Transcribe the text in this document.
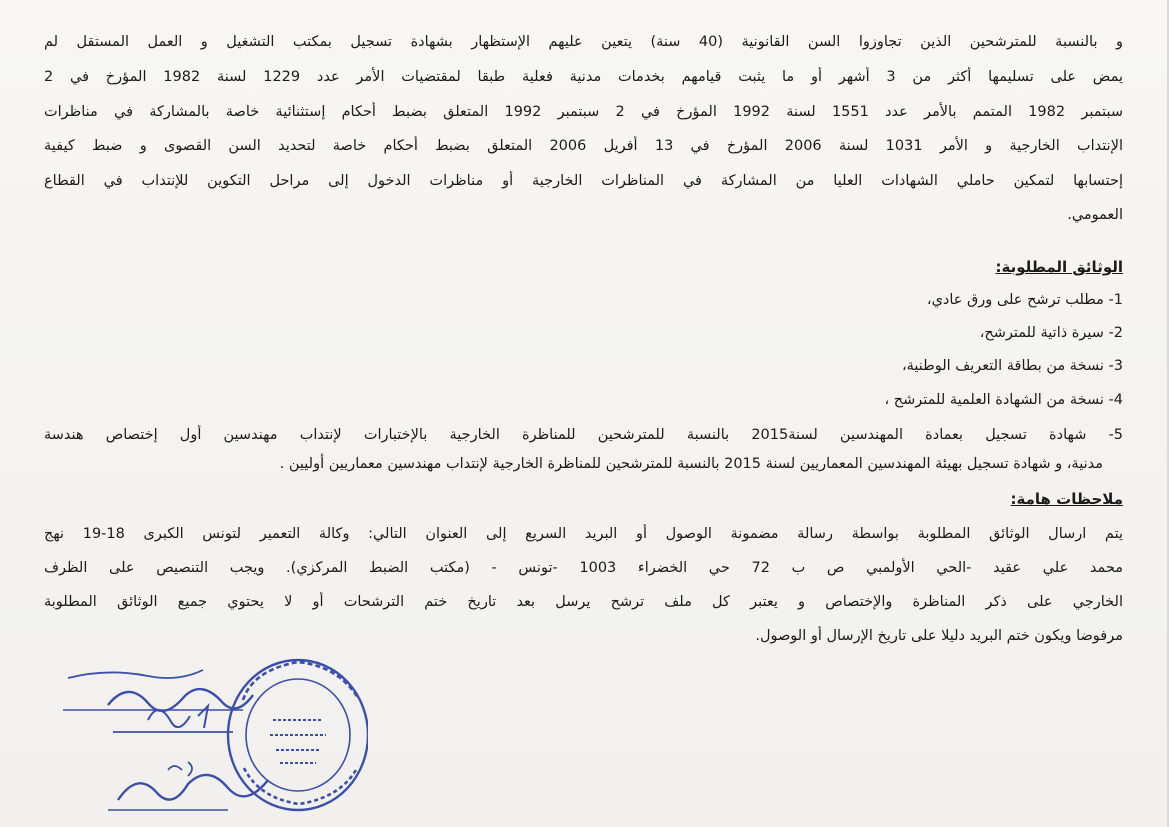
و بالنسبة للمترشحين الذين تجاوزوا السن القانونية (40 سنة) يتعين عليهم الإستظهار بشهادة تسجيل بمكتب التشغيل و العمل المستقل لم
يمض على تسليمها أكثر من 3 أشهر أو ما يثبت قيامهم بخدمات مدنية فعلية طبقا لمقتضيات الأمر عدد 1229 لسنة 1982 المؤرخ في 2
سبتمبر 1982 المتمم بالأمر عدد 1551 لسنة 1992 المؤرخ في 2 سبتمبر 1992 المتعلق بضبط أحكام إستثنائية خاصة بالمشاركة في مناظرات
الإنتداب الخارجية و الأمر 1031 لسنة 2006 المؤرخ في 13 أفريل 2006 المتعلق بضبط أحكام خاصة لتحديد السن القصوى و ضبط كيفية
إحتسابها لتمكين حاملي الشهادات العليا من المشاركة في المناظرات الخارجية أو مناظرات الدخول إلى مراحل التكوين للإنتداب في القطاع
العمومي.
الوثائق المطلوبة:
1- مطلب ترشح على ورق عادي،
2- سيرة ذاتية للمترشح،
3- نسخة من بطاقة التعريف الوطنية،
4- نسخة من الشهادة العلمية للمترشح ،
5- شهادة تسجيل بعمادة المهندسين لسنة2015 بالنسبة للمترشحين للمناظرة الخارجية بالإختبارات لإنتداب مهندسين أول إختصاص هندسة
مدنية، و شهادة تسجيل بهيئة المهندسين المعماريين لسنة 2015 بالنسبة للمترشحين للمناظرة الخارجية لإنتداب مهندسين معماريين أوليين .
ملاحظات هامة:
يتم ارسال الوثائق المطلوبة بواسطة رسالة مضمونة الوصول أو البريد السريع إلى العنوان التالي: وكالة التعمير لتونس الكبرى 18-19 نهج
محمد علي عقيد -الحي الأولمبي ص ب 72 حي الخضراء 1003 -تونس - (مكتب الضبط المركزي). ويجب التنصيص على الظرف
الخارجي على ذكر المناظرة والإختصاص و يعتبر كل ملف ترشح يرسل بعد تاريخ ختم الترشحات أو لا يحتوي جميع الوثائق المطلوبة
مرفوضا ويكون ختم البريد دليلا على تاريخ الإرسال أو الوصول.
